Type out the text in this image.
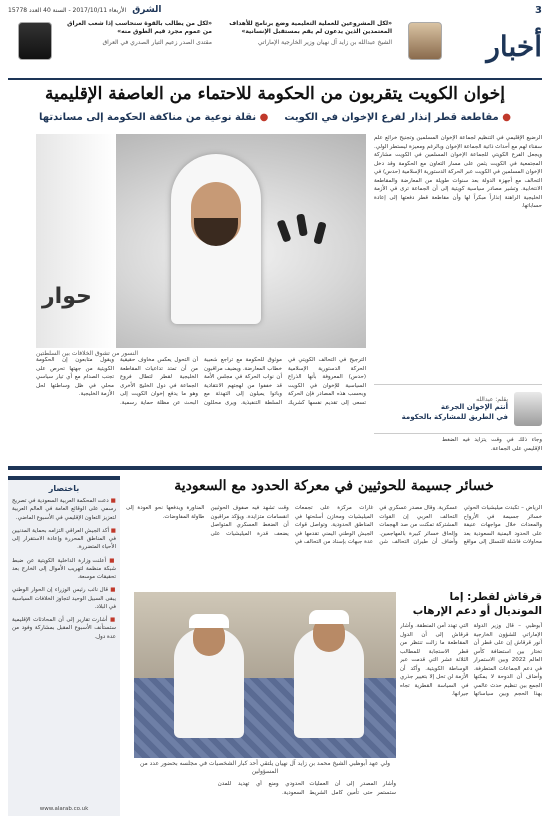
3
الشرق
الأربعاء 2017/10/11 - السنة 40 العدد 15778
أخبار
«لكل المشروعين للعملية التعليمية وضع برنامج للأهداف المعتمدين الذين يدعون لم يقم بمستقبل الإنسانية»
الشيخ عبدالله بن زايد آل نهيان وزير الخارجية الإماراتي
«لكل من يطالب بالقوة سنحاسب إذا شعب العراق من عموم مجرد قيم الطوق منه»
مقتدى الصدر زعيم التيار الصدري في العراق
إخوان الكويت يتقربون من الحكومة للاحتماء من العاصفة الإقليمية
● مقاطعة قطر إنذار لفرع الإخوان في الكويت
● نقلة نوعية من مناكفة الحكومة إلى مساندتها
حوار
النسور من تشوق الخلافات بين السلطتين
الرضيع الإقليمي في التنظيم لجماعة الإخوان المسلمين وتجنيح خرائع علم سقناء لهم مع أحداث ذاتية الجماعة الإخوان وبالرغم ومعيزة ليستطر الولي. ويجعل الفرع الكويتي للجماعة الإخوان المسلمين في الكويت مشاركة المجتمعية في الكويت يثمن على مسار التعاون مع الحكومة وقد دخل الإخوان المسلمين في الكويت عبر الحركة الدستورية الإسلامية (حدس) في التحالف مع أجهزة الدولة بعد سنوات طويلة من المعارضة والمقاطعة الانتخابية. وتشير مصادر سياسية كويتية إلى أن الجماعة ترى في الأزمة الخليجية الراهنة إنذاراً مبكراً لها وأن مقاطعة قطر دفعتها إلى إعادة حساباتها.
يقلم: عبدالله
أنتم الإخوان الجرعة
في الطريق للمشاركة بالحكومة
وجاء ذلك في وقت يتزايد فيه الضغط الإقليمي على الجماعة.
الترجيح في التحالف الكويتي في الحركة الدستورية الإسلامية (حدس) المعروفة بأنها الذراع السياسية للإخوان في الكويت وبحسب هذه المصادر فإن الحركة تسعى إلى تقديم نفسها كشريك موثوق للحكومة مع تراجع شعبية خطاب المعارضة. ويضيف مراقبون أن نواب الحركة في مجلس الأمة قد خففوا من لهجتهم الانتقادية وباتوا يميلون إلى التهدئة مع السلطة التنفيذية. ويرى محللون أن التحول يعكس مخاوف حقيقية من أن تمتد تداعيات المقاطعة الخليجية لقطر لتطال فروع الجماعة في دول الخليج الأخرى وهو ما يدفع إخوان الكويت إلى البحث عن مظلة حماية رسمية. ويقول متابعون إن الحكومة الكويتية من جهتها تحرص على تجنب الصدام مع أي تيار سياسي محلي في ظل وساطتها لحل الأزمة الخليجية.
باختصار
■ دعت المحكمة العربية السعودية في تصريح رسمي على الوقائع العامة في العالم العربية لتعزيز التعاون الإقليمي في الأسبوع الماضي.
■ أكد الجيش العراقي التزامه بحماية المدنيين في المناطق المحررة وإعادة الاستقرار إلى الأحياء المتضررة.
■ أعلنت وزارة الداخلية الكويتية عن ضبط شبكة منظمة لتهريب الأموال إلى الخارج بعد تحقيقات موسعة.
■ قال نائب رئيس الوزراء إن الحوار الوطني يبقى السبيل الوحيد لتجاوز الخلافات السياسية في البلاد.
■ أشارت تقارير إلى أن المحادثات الإقليمية ستستأنف الأسبوع المقبل بمشاركة وفود من عدة دول.
www.alarab.co.uk
خسائر جسيمة للحوثيين في معركة الحدود مع السعودية
الرياض – تكبدت ميليشيات الحوثي خسائر جسيمة في الأرواح والمعدات خلال مواجهات عنيفة على الحدود اليمنية السعودية بعد محاولات فاشلة للتسلل إلى مواقع عسكرية. وقال مصدر عسكري في التحالف العربي إن القوات المشتركة تمكنت من صد الهجمات وإلحاق خسائر كبيرة بالمهاجمين. وأضاف أن طيران التحالف شن غارات مركزة على تجمعات الميليشيات ومخازن أسلحتها في المناطق الحدودية. وتواصل قوات الجيش الوطني اليمني تقدمها في عدة جبهات بإسناد من التحالف في وقت تشهد فيه صفوف الحوثيين انقسامات متزايدة. ويؤكد مراقبون أن الضغط العسكري المتواصل يضعف قدرة الميليشيات على المناورة ويدفعها نحو العودة إلى طاولة المفاوضات.
ولي عهد أبوظبي الشيخ محمد بن زايد آل نهيان يلتقي أحد كبار الشخصيات في مجلسه بحضور عدد من المسؤولين
وأشار المصدر إلى أن العمليات ستستمر حتى تأمين كامل الشريط الحدودي ومنع أي تهديد للمدن السعودية.
قرقاش لقطر: إما المونديال أو دعم الإرهاب
أبوظبي – قال وزير الدولة الإماراتي للشؤون الخارجية أنور قرقاش إن على قطر أن تختار بين استضافة كأس العالم 2022 وبين الاستمرار في دعم الجماعات المتطرفة. وأضاف أن الدوحة لا يمكنها الجمع بين تنظيم حدث عالمي بهذا الحجم وبين سياساتها التي تهدد أمن المنطقة. وأشار قرقاش إلى أن الدول المقاطعة ما زالت تنتظر من قطر الاستجابة للمطالب الثلاثة عشر التي قدمت عبر الوساطة الكويتية. وأكد أن الأزمة لن تحل إلا بتغيير جذري في السياسة القطرية تجاه جيرانها.
